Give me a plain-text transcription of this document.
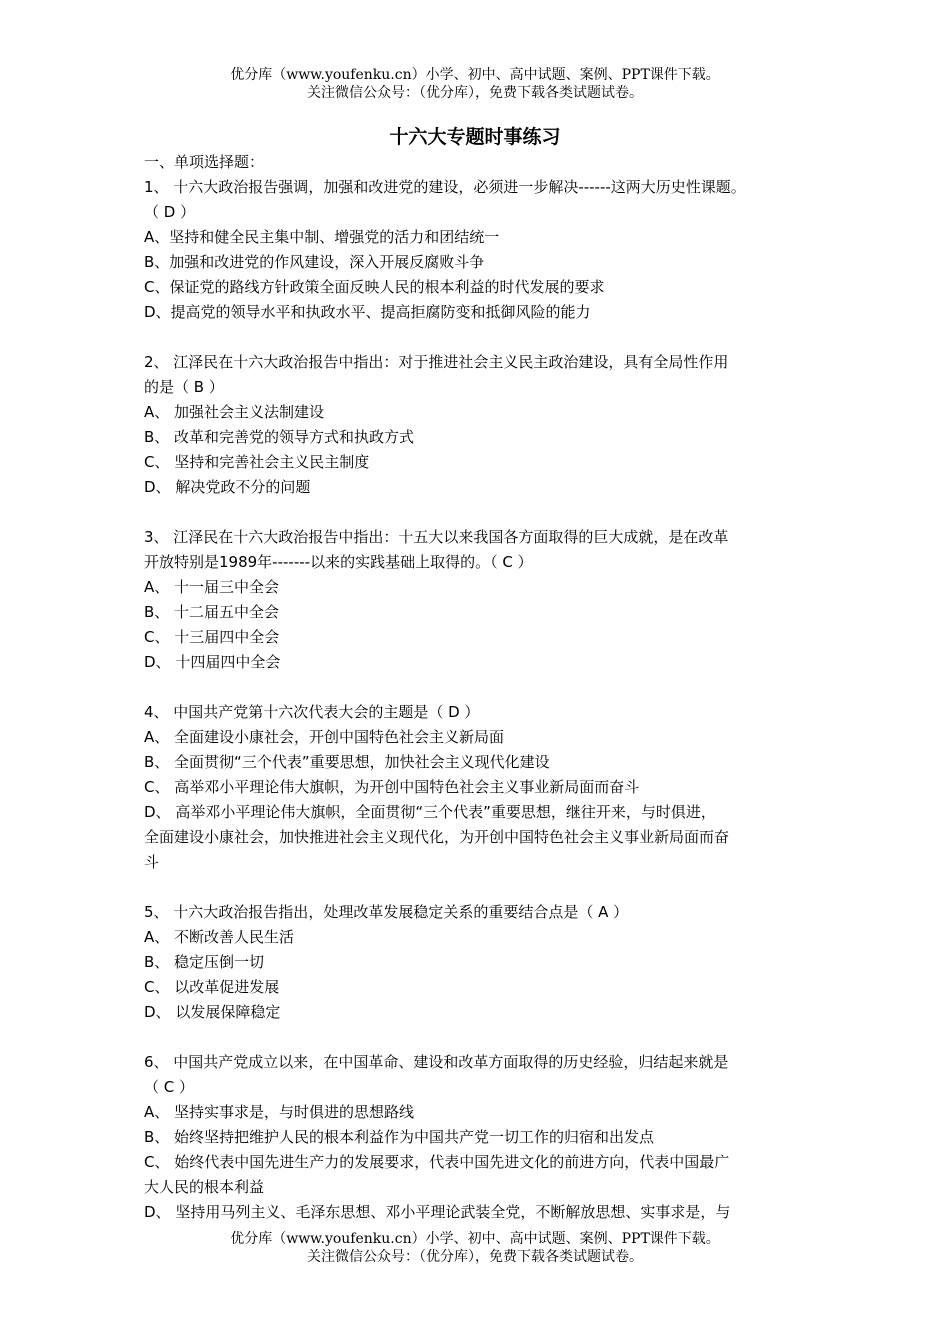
优分库（www.youfenku.cn）小学、初中、高中试题、案例、PPT课件下载。
关注微信公众号：（优分库），免费下载各类试题试卷。
十六大专题时事练习
一、单项选择题：
1、 十六大政治报告强调，加强和改进党的建设，必须进一步解决------这两大历史性课题。
（ D ）
A、坚持和健全民主集中制、增强党的活力和团结统一
B、加强和改进党的作风建设，深入开展反腐败斗争
C、保证党的路线方针政策全面反映人民的根本利益的时代发展的要求
D、提高党的领导水平和执政水平、提高拒腐防变和抵御风险的能力
2、 江泽民在十六大政治报告中指出：对于推进社会主义民主政治建设，具有全局性作用
的是（ B ）
A、 加强社会主义法制建设
B、 改革和完善党的领导方式和执政方式
C、 坚持和完善社会主义民主制度
D、 解决党政不分的问题
3、 江泽民在十六大政治报告中指出：十五大以来我国各方面取得的巨大成就，是在改革
开放特别是1989年-------以来的实践基础上取得的。（ C ）
A、 十一届三中全会
B、 十二届五中全会
C、 十三届四中全会
D、 十四届四中全会
4、 中国共产党第十六次代表大会的主题是（ D ）
A、 全面建设小康社会，开创中国特色社会主义新局面
B、 全面贯彻“三个代表”重要思想，加快社会主义现代化建设
C、 高举邓小平理论伟大旗帜，为开创中国特色社会主义事业新局面而奋斗
D、 高举邓小平理论伟大旗帜，全面贯彻“三个代表”重要思想，继往开来，与时俱进，
全面建设小康社会，加快推进社会主义现代化，为开创中国特色社会主义事业新局面而奋
斗
5、 十六大政治报告指出，处理改革发展稳定关系的重要结合点是（ A ）
A、 不断改善人民生活
B、 稳定压倒一切
C、 以改革促进发展
D、 以发展保障稳定
6、 中国共产党成立以来，在中国革命、建设和改革方面取得的历史经验，归结起来就是
（ C ）
A、 坚持实事求是，与时俱进的思想路线
B、 始终坚持把维护人民的根本利益作为中国共产党一切工作的归宿和出发点
C、 始终代表中国先进生产力的发展要求，代表中国先进文化的前进方向，代表中国最广
大人民的根本利益
D、 坚持用马列主义、毛泽东思想、邓小平理论武装全党，不断解放思想、实事求是，与
优分库（www.youfenku.cn）小学、初中、高中试题、案例、PPT课件下载。
关注微信公众号：（优分库），免费下载各类试题试卷。
